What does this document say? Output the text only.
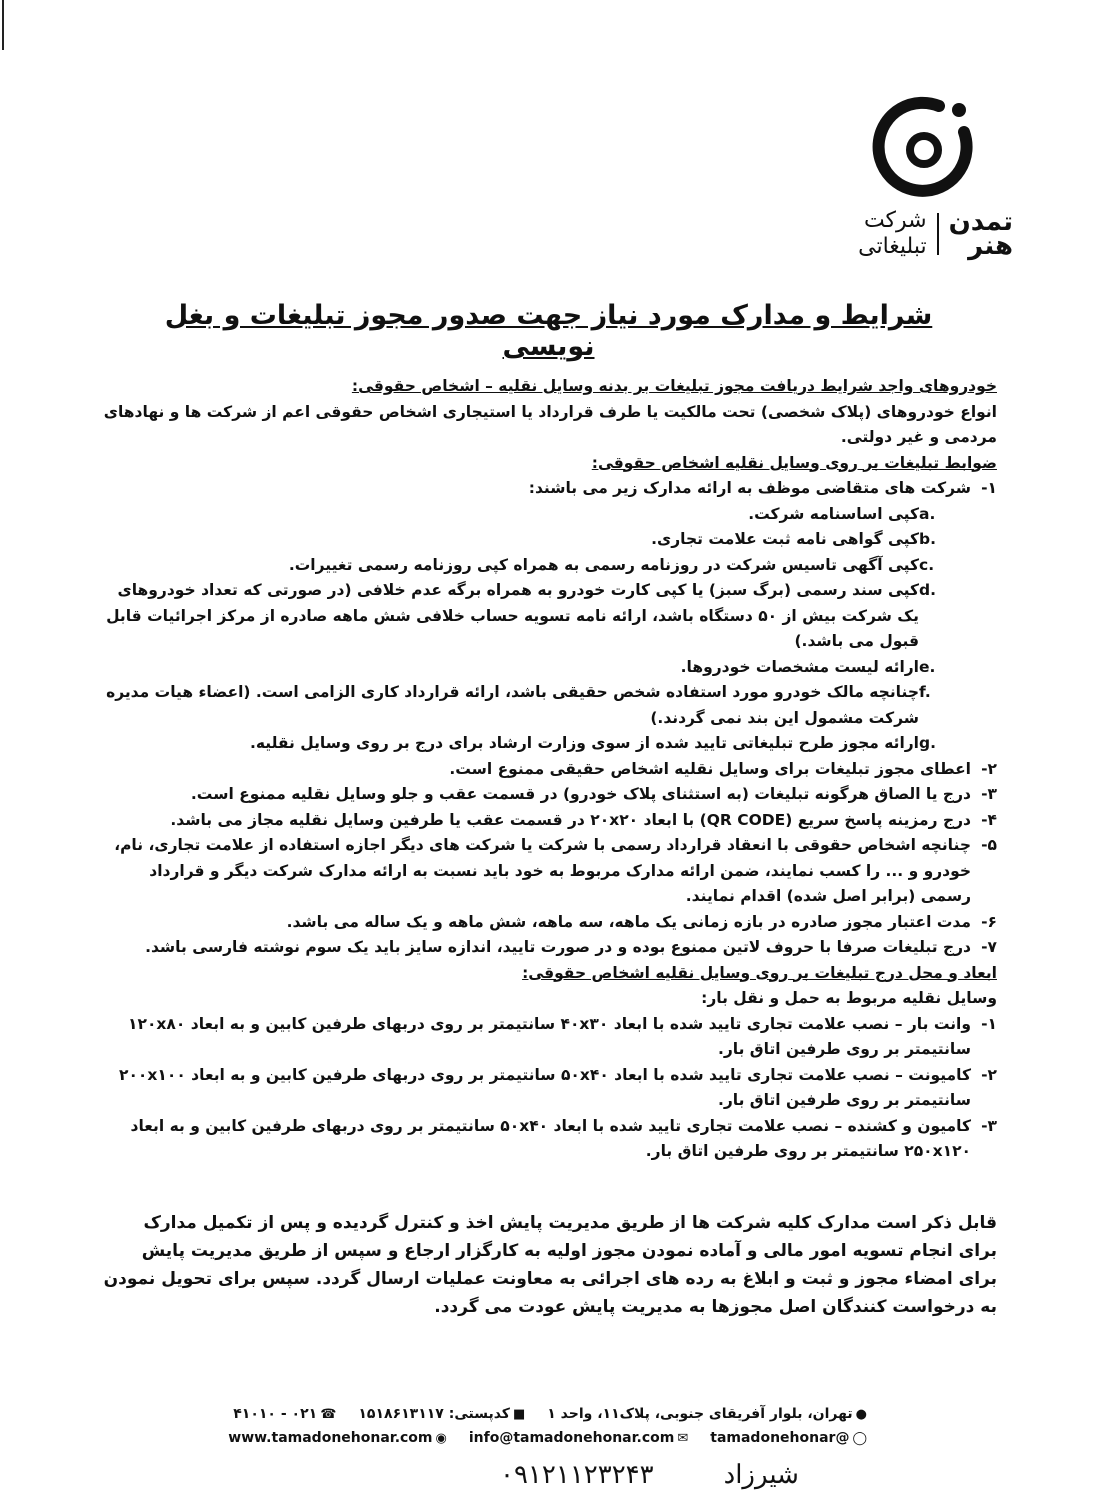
شرکت
تبلیغاتی
تمدن
هنر
شرایط و مدارک مورد نیاز جهت صدور مجوز تبلیغات و بغل نویسی

خودروهای واجد شرایط دریافت مجوز تبلیغات بر بدنه وسایل نقلیه – اشخاص حقوقی:

انواع خودروهای (پلاک شخصی) تحت مالکیت یا طرف قرارداد یا استیجاری اشخاص حقوقی اعم از شرکت ها و نهادهای مردمی و غیر دولتی.

ضوابط تبلیغات بر روی وسایل نقلیه اشخاص حقوقی:

۱-
شرکت های متقاضی موظف به ارائه مدارک زیر می باشند:
a.
کپی اساسنامه شرکت.
b.
کپی گواهی نامه ثبت علامت تجاری.
c.
کپی آگهی تاسیس شرکت در روزنامه رسمی به همراه کپی روزنامه رسمی تغییرات.
d.
کپی سند رسمی (برگ سبز) یا کپی کارت خودرو به همراه برگه عدم خلافی (در صورتی که تعداد خودروهای یک شرکت بیش از ۵۰ دستگاه باشد، ارائه نامه تسویه حساب خلافی شش ماهه صادره از مرکز اجرائیات قابل قبول می باشد.)
e.
ارائه لیست مشخصات خودروها.
f.
چنانچه مالک خودرو مورد استفاده شخص حقیقی باشد، ارائه قرارداد کاری الزامی است. (اعضاء هیات مدیره شرکت مشمول این بند نمی گردند.)
g.
ارائه مجوز طرح تبلیغاتی تایید شده از سوی وزارت ارشاد برای درج بر روی وسایل نقلیه.
۲-
اعطای مجوز تبلیغات برای وسایل نقلیه اشخاص حقیقی ممنوع است.
۳-
درج یا الصاق هرگونه تبلیغات (به استثنای پلاک خودرو) در قسمت عقب و جلو وسایل نقلیه ممنوع است.
۴-
درج رمزینه پاسخ سریع (QR CODE) با ابعاد ۲۰x۲۰ در قسمت عقب یا طرفین وسایل نقلیه مجاز می باشد.
۵-
چنانچه اشخاص حقوقی با انعقاد قرارداد رسمی با شرکت یا شرکت های دیگر اجازه استفاده از علامت تجاری، نام، خودرو و ... را کسب نمایند، ضمن ارائه مدارک مربوط به خود باید نسبت به ارائه مدارک شرکت دیگر و قرارداد رسمی (برابر اصل شده) اقدام نمایند.
۶-
مدت اعتبار مجوز صادره در بازه زمانی یک ماهه، سه ماهه، شش ماهه و یک ساله می باشد.
۷-
درج تبلیغات صرفا با حروف لاتین ممنوع بوده و در صورت تایید، اندازه سایز باید یک سوم نوشته فارسی باشد.

ابعاد و محل درج تبلیغات بر روی وسایل نقلیه اشخاص حقوقی:

وسایل نقلیه مربوط به حمل و نقل بار:

۱-
وانت بار – نصب علامت تجاری تایید شده با ابعاد ۴۰x۳۰ سانتیمتر بر روی دربهای طرفین کابین و به ابعاد ۱۲۰x۸۰ سانتیمتر بر روی طرفین اتاق بار.
۲-
کامیونت – نصب علامت تجاری تایید شده با ابعاد ۵۰x۴۰ سانتیمتر بر روی دربهای طرفین کابین و به ابعاد ۲۰۰x۱۰۰ سانتیمتر بر روی طرفین اتاق بار.
۳-
کامیون و کشنده – نصب علامت تجاری تایید شده با ابعاد ۵۰x۴۰ سانتیمتر بر روی دربهای طرفین کابین و به ابعاد ۲۵۰x۱۲۰ سانتیمتر بر روی طرفین اتاق بار.

قابل ذکر است مدارک کلیه شرکت ها از طریق مدیریت پایش اخذ و کنترل گردیده و پس از تکمیل مدارک برای انجام تسویه امور مالی و آماده نمودن مجوز اولیه به کارگزار ارجاع و سپس از طریق مدیریت پایش برای امضاء مجوز و ثبت و ابلاغ به رده های اجرائی به معاونت عملیات ارسال گردد. سپس برای تحویل نمودن به درخواست کنندگان اصل مجوزها به مدیریت پایش عودت می گردد.

●تهران، بلوار آفریقای جنوبی، پلاک۱۱، واحد ۱
■کدپستی: ۱۵۱۸۶۱۳۱۱۷
☎۰۲۱ - ۴۱۰۱۰
◯@tamadonehonar
✉info@tamadonehonar.com
◉www.tamadonehonar.com
شیرزاد
۰۹۱۲۱۱۲۳۲۴۳
